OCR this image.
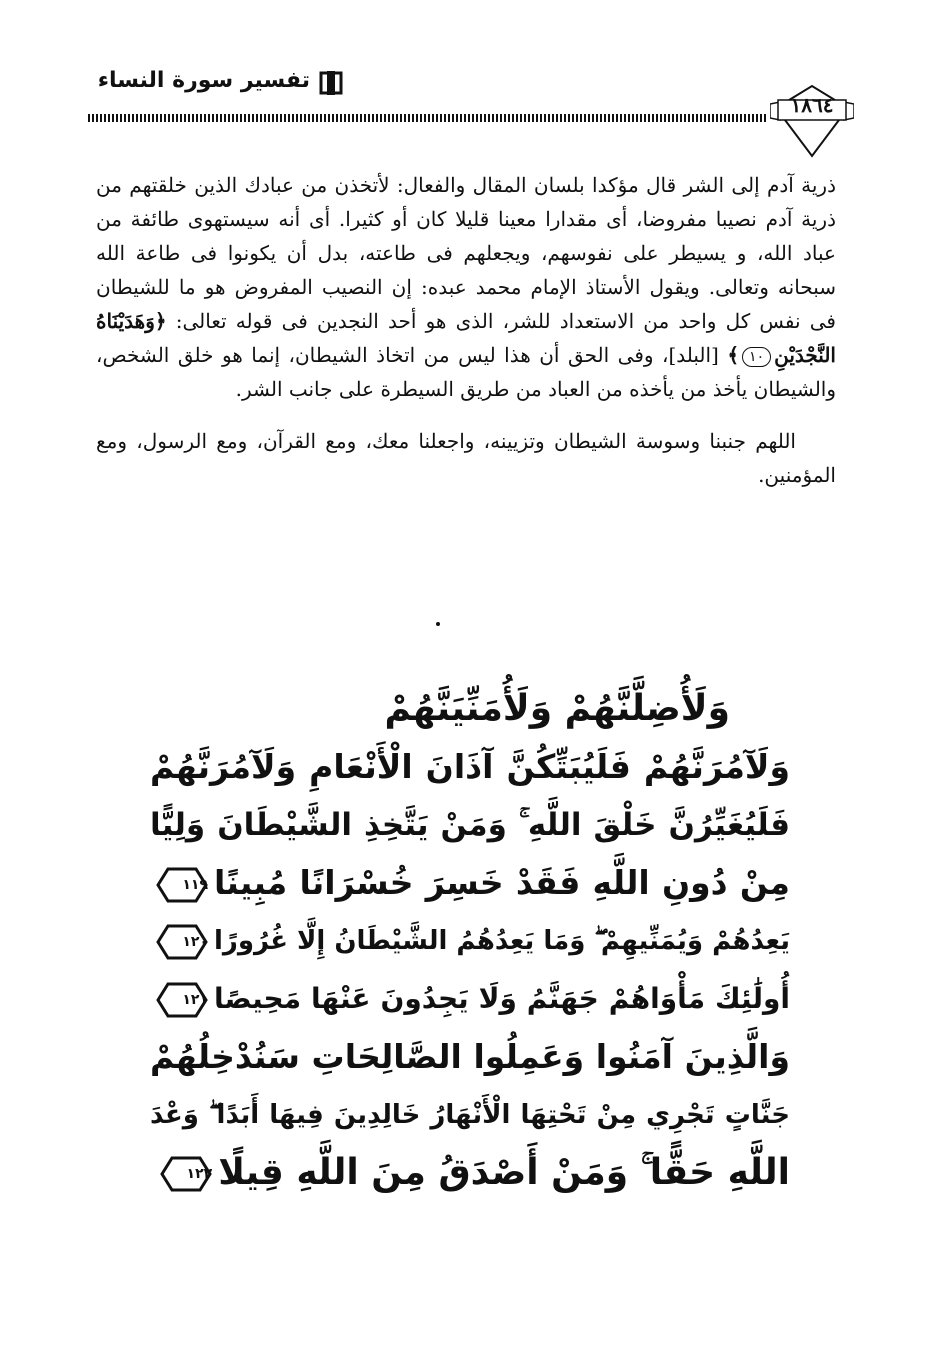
تفسير سورة النساء
١٨٦٤

ذرية آدم إلى الشر قال مؤكدا بلسان المقال والفعال: لأتخذن من عبادك الذين خلقتهم من ذرية آدم نصيبا مفروضا، أى مقدارا معينا قليلا كان أو كثيرا. أى أنه سيستهوى طائفة من عباد الله، و يسيطر على نفوسهم، ويجعلهم فى طاعته، بدل أن يكونوا فى طاعة الله سبحانه وتعالى. ويقول الأستاذ الإمام محمد عبده: إن النصيب المفروض هو ما للشيطان فى نفس كل واحد من الاستعداد للشر، الذى هو أحد النجدين فى قوله تعالى: ﴿وَهَدَيْنَاهُ النَّجْدَيْنِ١٠﴾ [البلد]، وفى الحق أن هذا ليس من اتخاذ الشيطان، إنما هو خلق الشخص، والشيطان يأخذ من يأخذه من العباد من طريق السيطرة على جانب الشر.

اللهم جنبنا وسوسة الشيطان وتزيينه، واجعلنا معك، ومع القرآن، ومع الرسول، ومع المؤمنين.

وَلَأُضِلَّنَّهُمْ وَلَأُمَنِّيَنَّهُمْ
وَلَآمُرَنَّهُمْ فَلَيُبَتِّكُنَّ آذَانَ الْأَنْعَامِ وَلَآمُرَنَّهُمْ
فَلَيُغَيِّرُنَّ خَلْقَ اللَّهِ ۚ وَمَنْ يَتَّخِذِ الشَّيْطَانَ وَلِيًّا
مِنْ دُونِ اللَّهِ فَقَدْ خَسِرَ خُسْرَانًا مُبِينًا
١١٩
يَعِدُهُمْ وَيُمَنِّيهِمْ ۖ وَمَا يَعِدُهُمُ الشَّيْطَانُ إِلَّا غُرُورًا
١٢٠
أُولَٰئِكَ مَأْوَاهُمْ جَهَنَّمُ وَلَا يَجِدُونَ عَنْهَا مَحِيصًا
١٢١
وَالَّذِينَ آمَنُوا وَعَمِلُوا الصَّالِحَاتِ سَنُدْخِلُهُمْ
جَنَّاتٍ تَجْرِي مِنْ تَحْتِهَا الْأَنْهَارُ خَالِدِينَ فِيهَا أَبَدًا ۖ وَعْدَ
اللَّهِ حَقًّا ۚ وَمَنْ أَصْدَقُ مِنَ اللَّهِ قِيلًا
١٢٢
